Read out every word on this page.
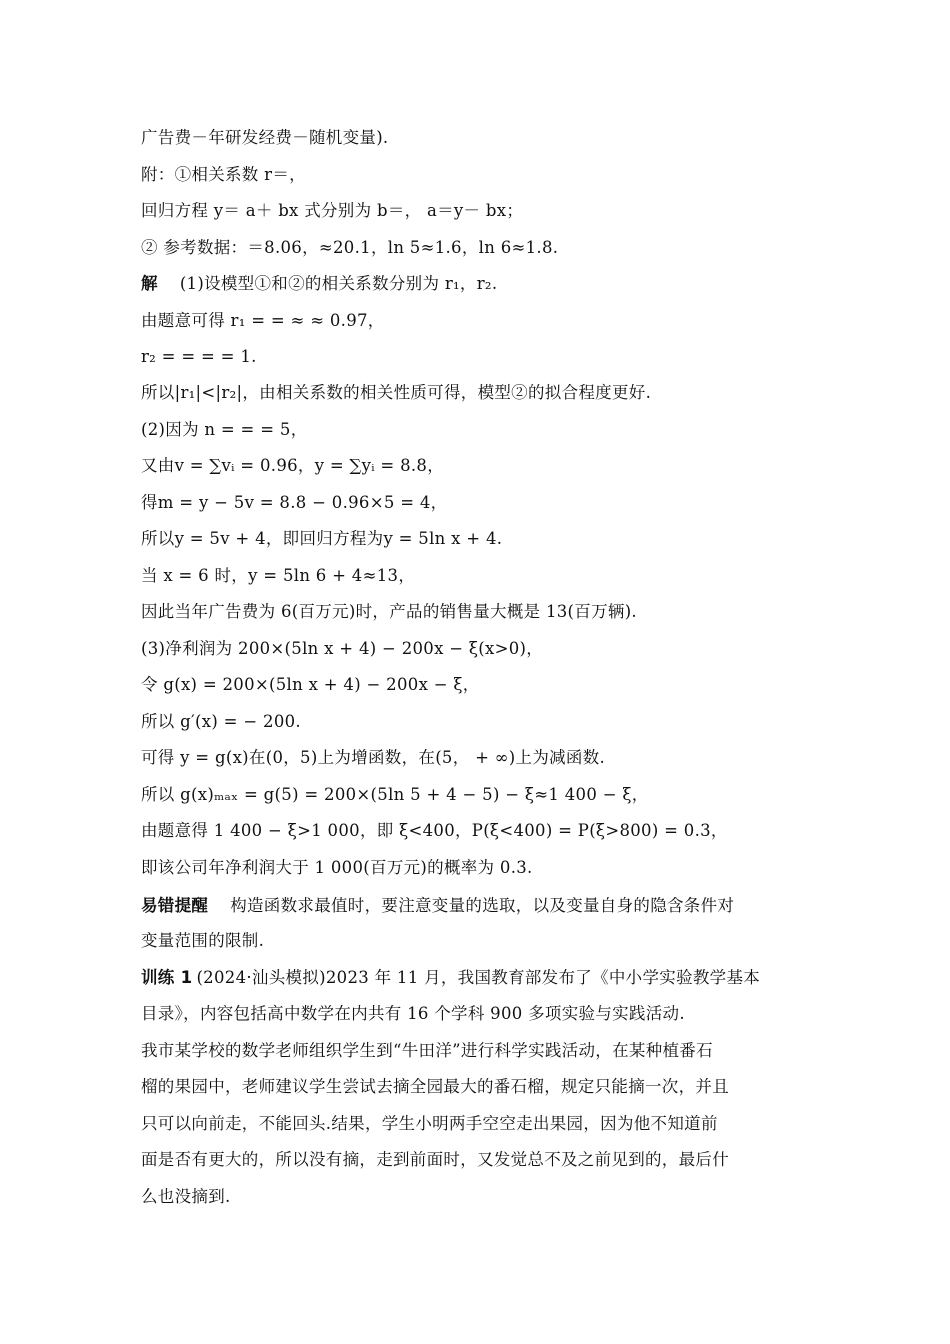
广告费－年研发经费－随机变量).
附：①相关系数 r＝，
回归方程 y＝ a＋ bx 式分别为 b＝， a＝y－ bx；
② 参考数据：＝8.06，≈20.1，ln 5≈1.6，ln 6≈1.8.
解 (1)设模型①和②的相关系数分别为 r₁，r₂.
由题意可得 r₁ = = ≈ ≈ 0.97，
r₂ = = = = 1.
所以|r₁|<|r₂|，由相关系数的相关性质可得，模型②的拟合程度更好.
(2)因为 n = = = 5，
又由v = ∑vᵢ = 0.96，y = ∑yᵢ = 8.8，
得m = y − 5v = 8.8 − 0.96×5 = 4，
所以y = 5v + 4，即回归方程为y = 5ln x + 4.
当 x = 6 时，y = 5ln 6 + 4≈13，
因此当年广告费为 6(百万元)时，产品的销售量大概是 13(百万辆).
(3)净利润为 200×(5ln x + 4) − 200x − ξ(x>0)，
令 g(x) = 200×(5ln x + 4) − 200x − ξ，
所以 g′(x) = − 200.
可得 y = g(x)在(0，5)上为增函数，在(5， + ∞)上为减函数.
所以 g(x)ₘₐₓ = g(5) = 200×(5ln 5 + 4 − 5) − ξ≈1 400 − ξ，
由题意得 1 400 − ξ>1 000，即 ξ<400，P(ξ<400) = P(ξ>800) = 0.3，
即该公司年净利润大于 1 000(百万元)的概率为 0.3.
易错提醒 构造函数求最值时，要注意变量的选取，以及变量自身的隐含条件对
变量范围的限制.
训练 1 (2024·汕头模拟)2023 年 11 月，我国教育部发布了《中小学实验教学基本
目录》，内容包括高中数学在内共有 16 个学科 900 多项实验与实践活动.
我市某学校的数学老师组织学生到“牛田洋”进行科学实践活动，在某种植番石
榴的果园中，老师建议学生尝试去摘全园最大的番石榴，规定只能摘一次，并且
只可以向前走，不能回头.结果，学生小明两手空空走出果园，因为他不知道前
面是否有更大的，所以没有摘，走到前面时，又发觉总不及之前见到的，最后什
么也没摘到.
